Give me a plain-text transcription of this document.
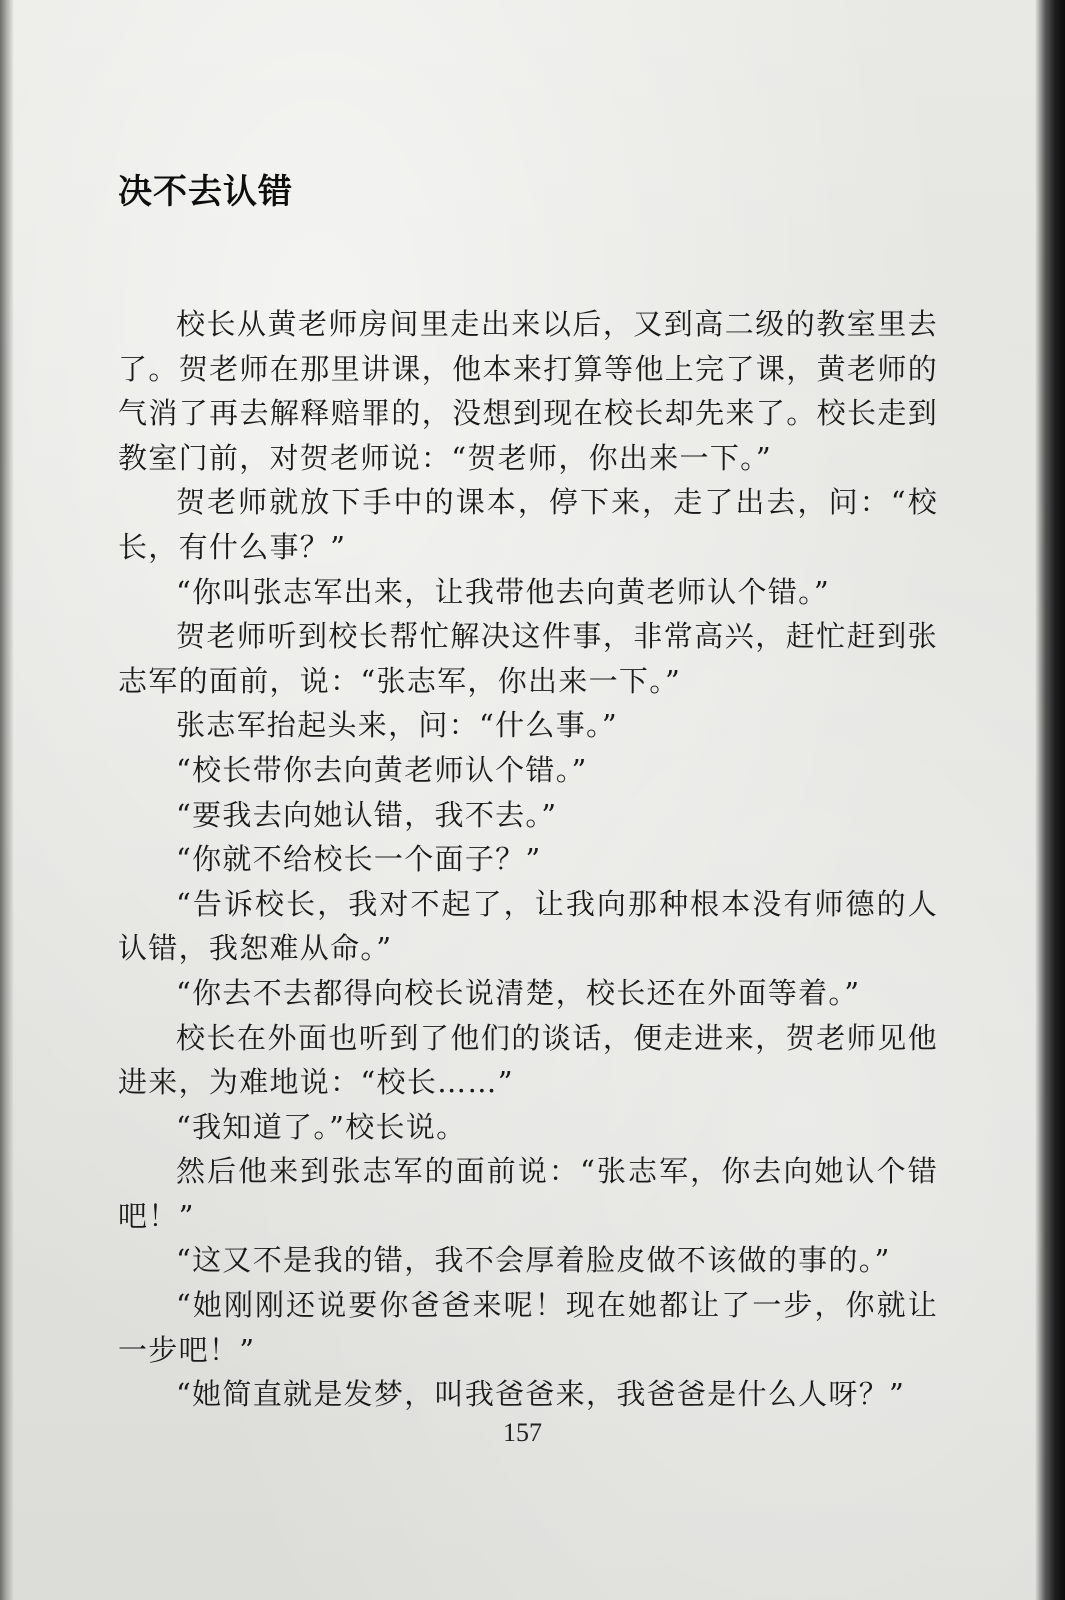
决不去认错

校长从黄老师房间里走出来以后，又到高二级的教室里去了。贺老师在那里讲课，他本来打算等他上完了课，黄老师的气消了再去解释赔罪的，没想到现在校长却先来了。校长走到教室门前，对贺老师说：“贺老师，你出来一下。”

贺老师就放下手中的课本，停下来，走了出去，问：“校长，有什么事？”

“你叫张志军出来，让我带他去向黄老师认个错。”

贺老师听到校长帮忙解决这件事，非常高兴，赶忙赶到张志军的面前，说：“张志军，你出来一下。”

张志军抬起头来，问：“什么事。”

“校长带你去向黄老师认个错。”

“要我去向她认错，我不去。”

“你就不给校长一个面子？”

“告诉校长，我对不起了，让我向那种根本没有师德的人认错，我恕难从命。”

“你去不去都得向校长说清楚，校长还在外面等着。”

校长在外面也听到了他们的谈话，便走进来，贺老师见他进来，为难地说：“校长……”

“我知道了。”校长说。

然后他来到张志军的面前说：“张志军，你去向她认个错吧！”

“这又不是我的错，我不会厚着脸皮做不该做的事的。”

“她刚刚还说要你爸爸来呢！现在她都让了一步，你就让一步吧！”

“她简直就是发梦，叫我爸爸来，我爸爸是什么人呀？”

157
